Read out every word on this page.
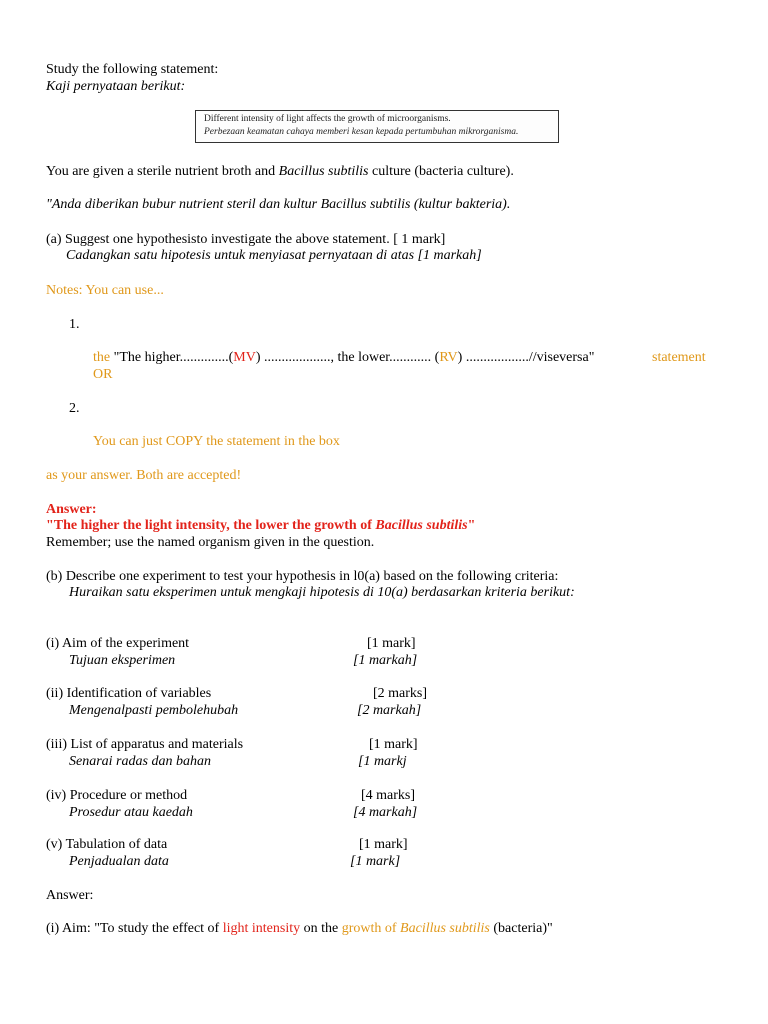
Study the following statement:
Kaji pernyataan berikut:
Different intensity of light affects the growth of microorganisms.
Perbezaan keamatan cahaya memberi kesan kepada pertumbuhan mikrorganisma.
You are given a sterile nutrient broth and Bacillus subtilis culture (bacteria culture).
"Anda diberikan bubur nutrient steril dan kultur Bacillus subtilis (kultur bakteria).
(a) Suggest one hypothesisto investigate the above statement. [ 1 mark]
Cadangkan satu hipotesis untuk menyiasat pernyataan di atas [1 markah]
Notes: You can use...
1.
the "The higher..............(MV) ..................., the lower............ (RV) ..................//viseversa"	statement
OR
2.
You can just COPY the statement in the box
as your answer. Both are accepted!
Answer:
"The higher the light intensity, the lower the growth of Bacillus subtilis"
Remember; use the named organism given in the question.
(b) Describe one experiment to test your hypothesis in l0(a) based on the following criteria:
Huraikan satu eksperimen untuk mengkaji hipotesis di 10(a) berdasarkan kriteria berikut:
(i) Aim of the experiment	[1 mark]
Tujuan eksperimen	[1 markah]
(ii) Identification of variables	[2 marks]
Mengenalpasti pembolehubah	[2 markah]
(iii) List of apparatus and materials	[1 mark]
Senarai radas dan bahan	[1 markj
(iv) Procedure or method	[4 marks]
Prosedur atau kaedah	[4 markah]
(v) Tabulation of data	[1 mark]
Penjadualan data	[1 mark]
Answer:
(i) Aim: "To study the effect of light intensity on the growth of Bacillus subtilis (bacteria)"
